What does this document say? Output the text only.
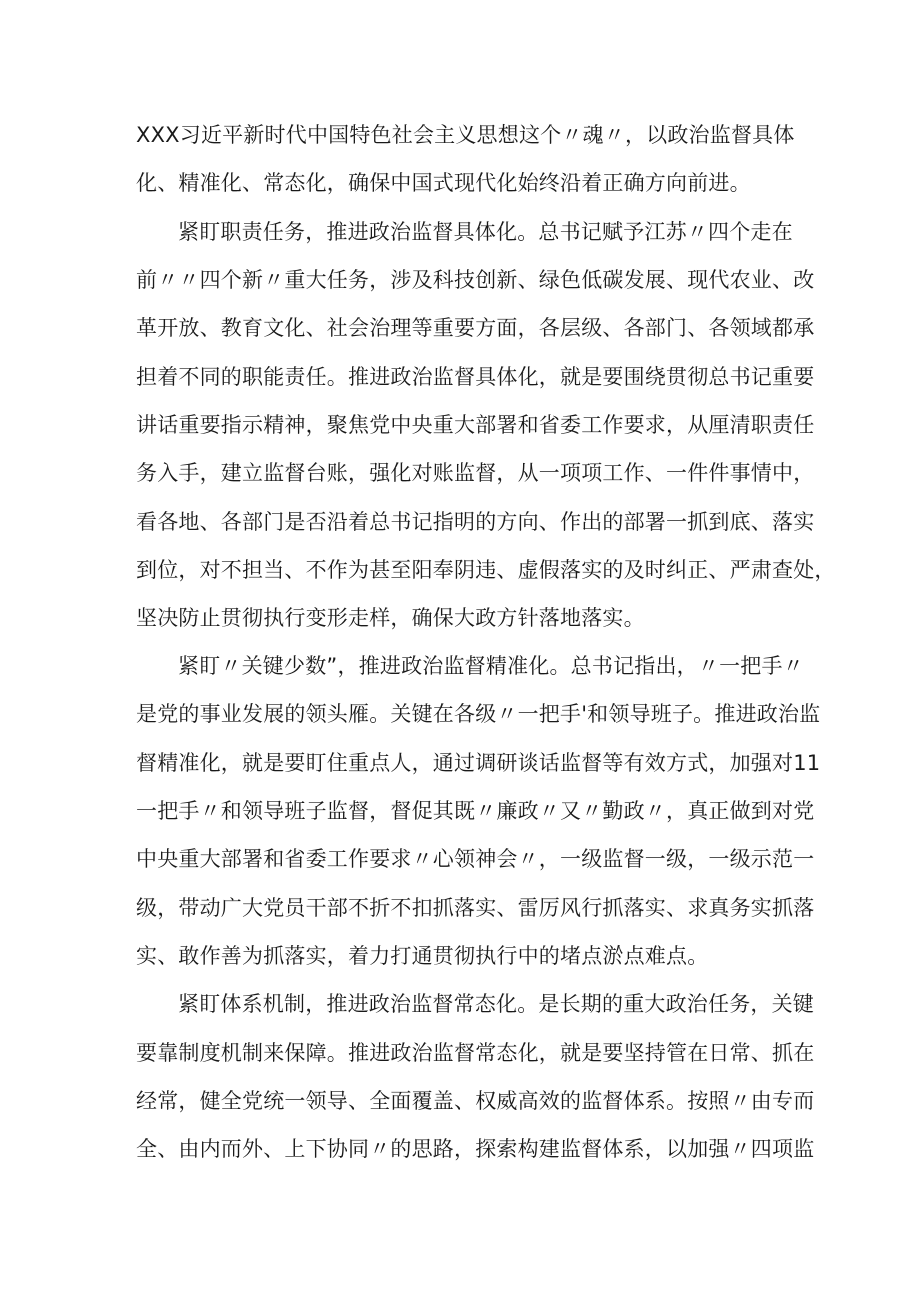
XXX习近平新时代中国特色社会主义思想这个〃魂〃，以政治监督具体
化、精准化、常态化，确保中国式现代化始终沿着正确方向前进。
紧盯职责任务，推进政治监督具体化。总书记赋予江苏〃四个走在
前〃〃四个新〃重大任务，涉及科技创新、绿色低碳发展、现代农业、改
革开放、教育文化、社会治理等重要方面，各层级、各部门、各领域都承
担着不同的职能责任。推进政治监督具体化，就是要围绕贯彻总书记重要
讲话重要指示精神，聚焦党中央重大部署和省委工作要求，从厘清职责任
务入手，建立监督台账，强化对账监督，从一项项工作、一件件事情中，
看各地、各部门是否沿着总书记指明的方向、作出的部署一抓到底、落实
到位，对不担当、不作为甚至阳奉阴违、虚假落实的及时纠正、严肃查处，
坚决防止贯彻执行变形走样，确保大政方针落地落实。
紧盯〃关键少数”，推进政治监督精准化。总书记指出，〃一把手〃
是党的事业发展的领头雁。关键在各级〃一把手'和领导班子。推进政治监
督精准化，就是要盯住重点人，通过调研谈话监督等有效方式，加强对11
一把手〃和领导班子监督，督促其既〃廉政〃又〃勤政〃，真正做到对党
中央重大部署和省委工作要求〃心领神会〃，一级监督一级，一级示范一
级，带动广大党员干部不折不扣抓落实、雷厉风行抓落实、求真务实抓落
实、敢作善为抓落实，着力打通贯彻执行中的堵点淤点难点。
紧盯体系机制，推进政治监督常态化。是长期的重大政治任务，关键
要靠制度机制来保障。推进政治监督常态化，就是要坚持管在日常、抓在
经常，健全党统一领导、全面覆盖、权威高效的监督体系。按照〃由专而
全、由内而外、上下协同〃的思路，探索构建监督体系，以加强〃四项监
